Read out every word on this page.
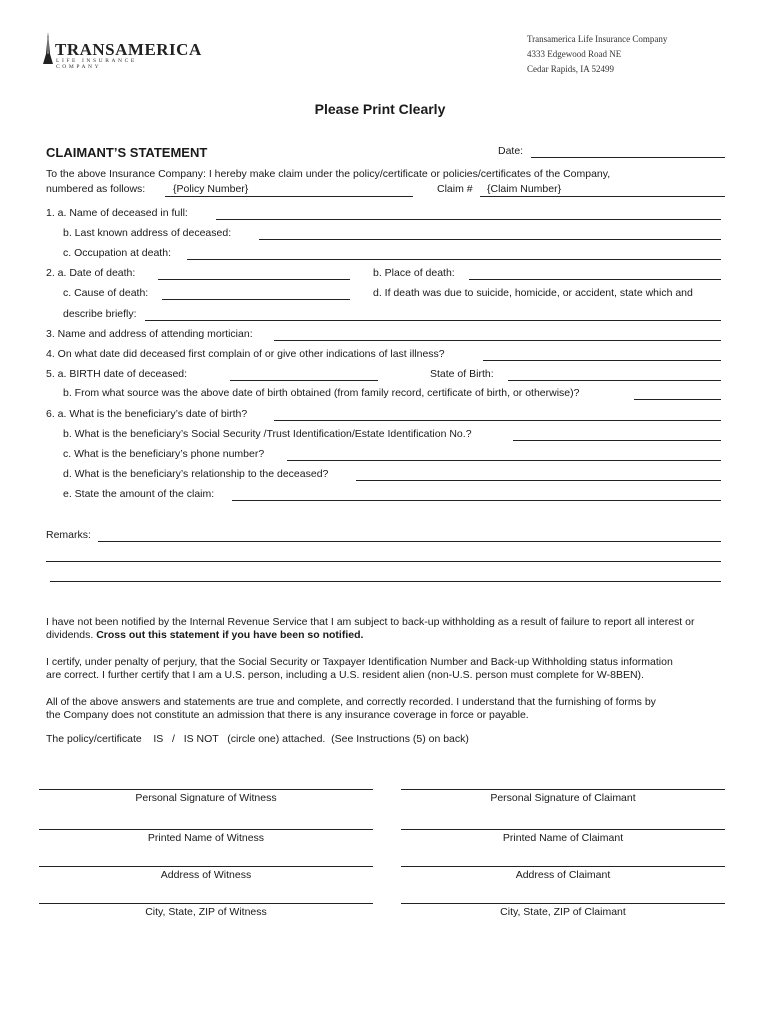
TRANSAMERICA
LIFE INSURANCE COMPANY
Transamerica Life Insurance Company
4333 Edgewood Road NE
Cedar Rapids, IA 52499
Please Print Clearly
CLAIMANT’S STATEMENT	Date:
To the above Insurance Company: I hereby make claim under the policy/certificate or policies/certificates of the Company,
numbered as follows:	{Policy Number}	Claim # {Claim Number}
1. a. Name of deceased in full:
b. Last known address of deceased:
c. Occupation at death:
2. a. Date of death:	b. Place of death:
c. Cause of death:	d. If death was due to suicide, homicide, or accident, state which and
describe briefly:
3. Name and address of attending mortician:
4. On what date did deceased first complain of or give other indications of last illness?
5. a. BIRTH date of deceased:	State of Birth:
b. From what source was the above date of birth obtained (from family record, certificate of birth, or otherwise)?
6. a. What is the beneficiary’s date of birth?
b. What is the beneficiary’s Social Security /Trust Identification/Estate Identification No.?
c. What is the beneficiary’s phone number?
d. What is the beneficiary’s relationship to the deceased?
e. State the amount of the claim:
Remarks:
I have not been notified by the Internal Revenue Service that I am subject to back-up withholding as a result of failure to report all interest or dividends. Cross out this statement if you have been so notified.
I certify, under penalty of perjury, that the Social Security or Taxpayer Identification Number and Back-up Withholding status information
are correct. I further certify that I am a U.S. person, including a U.S. resident alien (non-U.S. person must complete for W-8BEN).
All of the above answers and statements are true and complete, and correctly recorded. I understand that the furnishing of forms by
the Company does not constitute an admission that there is any insurance coverage in force or payable.
The policy/certificate    IS   /   IS NOT   (circle one) attached.  (See Instructions (5) on back)
Personal Signature of Witness
Printed Name of Witness
Address of Witness
City, State, ZIP of Witness
Personal Signature of Claimant
Printed Name of Claimant
Address of Claimant
City, State, ZIP of Claimant
